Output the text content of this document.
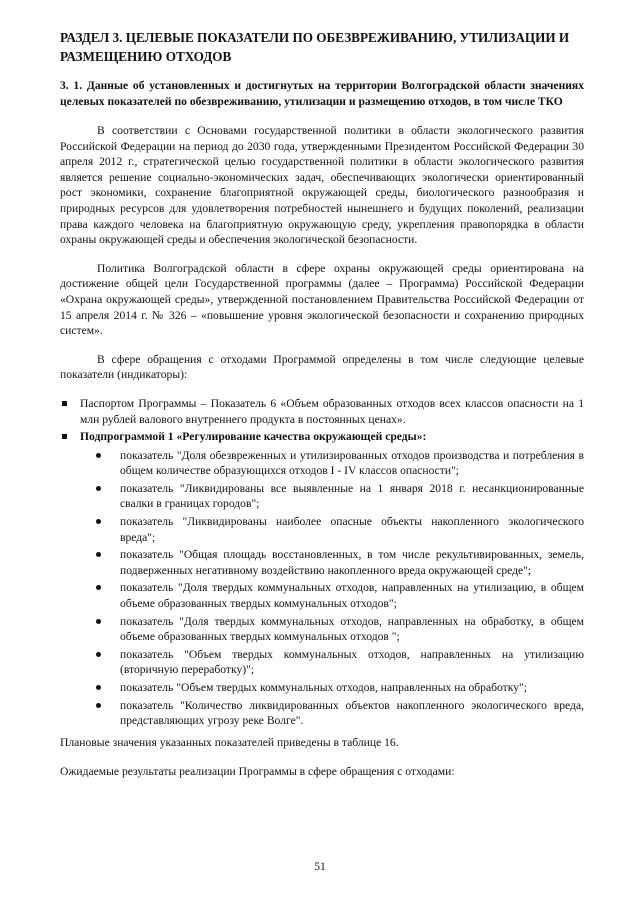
РАЗДЕЛ 3. ЦЕЛЕВЫЕ ПОКАЗАТЕЛИ ПО ОБЕЗВРЕЖИВАНИЮ, УТИЛИЗАЦИИ И РАЗМЕЩЕНИЮ ОТХОДОВ
3. 1. Данные об установленных и достигнутых на территории Волгоградской области значениях целевых показателей по обезвреживанию, утилизации и размещению отходов, в том числе ТКО

В соответствии с Основами государственной политики в области экологического развития Российской Федерации на период до 2030 года, утвержденными Президентом Российской Федерации 30 апреля 2012 г., стратегической целью государственной политики в области экологического развития является решение социально-экономических задач, обеспечивающих экологически ориентированный рост экономики, сохранение благоприятной окружающей среды, биологического разнообразия и природных ресурсов для удовлетворения потребностей нынешнего и будущих поколений, реализации права каждого человека на благоприятную окружающую среду, укрепления правопорядка в области охраны окружающей среды и обеспечения экологической безопасности.

Политика Волгоградской области в сфере охраны окружающей среды ориентирована на достижение общей цели Государственной программы (далее – Программа) Российской Федерации «Охрана окружающей среды», утвержденной постановлением Правительства Российской Федерации от 15 апреля 2014 г. № 326 – «повышение уровня экологической безопасности и сохранению природных систем».

В сфере обращения с отходами Программой определены в том числе следующие целевые показатели (индикаторы):

Паспортом Программы – Показатель 6 «Объем образованных отходов всех классов опасности на 1 млн рублей валового внутреннего продукта в постоянных ценах».
Подпрограммой 1 «Регулирование качества окружающей среды»:
показатель "Доля обезвреженных и утилизированных отходов производства и потребления в общем количестве образующихся отходов I - IV классов опасности";
показатель "Ликвидированы все выявленные на 1 января 2018 г. несанкционированные свалки в границах городов";
показатель "Ликвидированы наиболее опасные объекты накопленного экологического вреда";
показатель "Общая площадь восстановленных, в том числе рекультивированных, земель, подверженных негативному воздействию накопленного вреда окружающей среде";
показатель "Доля твердых коммунальных отходов, направленных на утилизацию, в общем объеме образованных твердых коммунальных отходов";
показатель "Доля твердых коммунальных отходов, направленных на обработку, в общем объеме образованных твердых коммунальных отходов ";
показатель "Объем твердых коммунальных отходов, направленных на утилизацию (вторичную переработку)";
показатель "Объем твердых коммунальных отходов, направленных на обработку";
показатель "Количество ликвидированных объектов накопленного экологического вреда, представляющих угрозу реке Волге".

Плановые значения указанных показателей приведены в таблице 16.

Ожидаемые результаты реализации Программы в сфере обращения с отходами:

51
